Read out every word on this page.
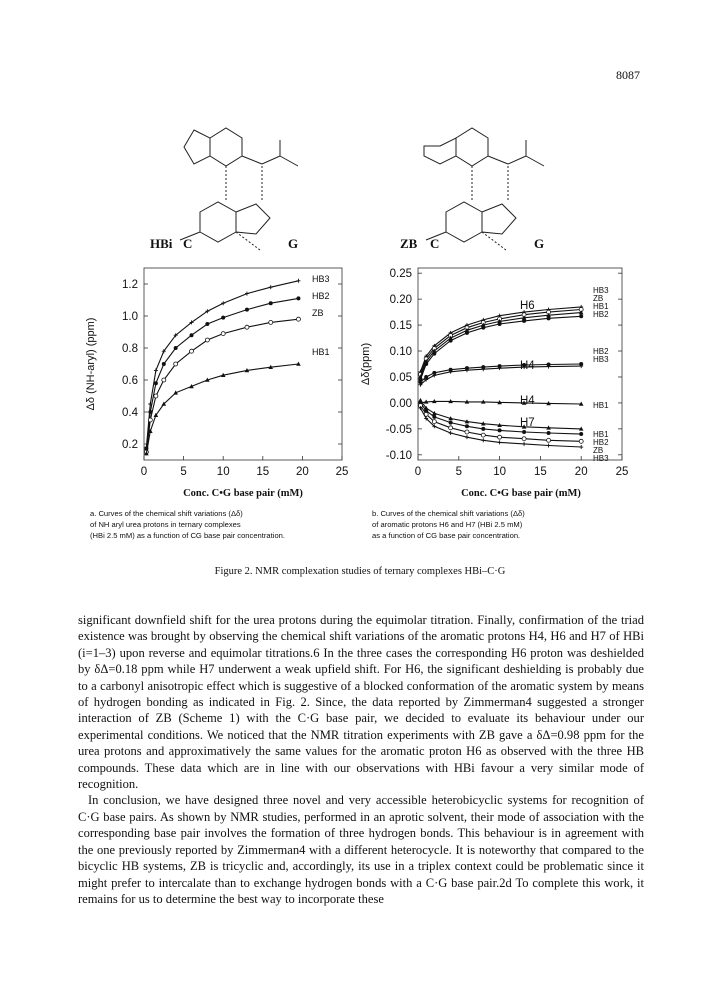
8087
HBi C	G	ZB C	G
1.2
1.0
0.8
0.6
0.4
0.2
0	5	10 15 20 25
HB3
HB2
ZB
HB1
Conc. C•G base pair (mM)
Δδ (NH-aryl) (ppm)
0.25
0.20
0.15
0.10
0.05
0.00
-0.05
-0.10
0	5	10 15 20 25
HB3
ZB
HB1
HB2
HB2
HB3
HB1
HB1
HB2
ZB
HB3
H6
H4
H4
H7
Conc. C•G base pair (mM)
Δδ(ppm)
a. Curves of the chemical shift variations (Δδ)
of NH aryl urea protons in ternary complexes
(HBi 2.5 mM) as a function of CG base pair concentration.
b. Curves of the chemical shift variations (Δδ)
of aromatic protons H6 and H7 (HBi 2.5 mM)
as a function of CG base pair concentration.
Figure 2. NMR complexation studies of ternary complexes HBi–C·G

significant downfield shift for the urea protons during the equimolar titration. Finally, confirmation of the triad existence was brought by observing the chemical shift variations of the aromatic protons H4, H6 and H7 of HBi (i=1–3) upon reverse and equimolar titrations.6 In the three cases the corresponding H6 proton was deshielded by δΔ=0.18 ppm while H7 underwent a weak upfield shift. For H6, the significant deshielding is probably due to a carbonyl anisotropic effect which is suggestive of a blocked conformation of the aromatic system by means of hydrogen bonding as indicated in Fig. 2. Since, the data reported by Zimmerman4 suggested a stronger interaction of ZB (Scheme 1) with the C·G base pair, we decided to evaluate its behaviour under our experimental conditions. We noticed that the NMR titration experiments with ZB gave a δΔ=0.98 ppm for the urea protons and approximatively the same values for the aromatic proton H6 as observed with the three HB compounds. These data which are in line with our observations with HBi favour a very similar mode of recognition.

In conclusion, we have designed three novel and very accessible heterobicyclic systems for recognition of C·G base pairs. As shown by NMR studies, performed in an aprotic solvent, their mode of association with the corresponding base pair involves the formation of three hydrogen bonds. This behaviour is in agreement with the one previously reported by Zimmerman4 with a different heterocycle. It is noteworthy that compared to the bicyclic HB systems, ZB is tricyclic and, accordingly, its use in a triplex context could be problematic since it might prefer to intercalate than to exchange hydrogen bonds with a C·G base pair.2d To complete this work, it remains for us to determine the best way to incorporate these
